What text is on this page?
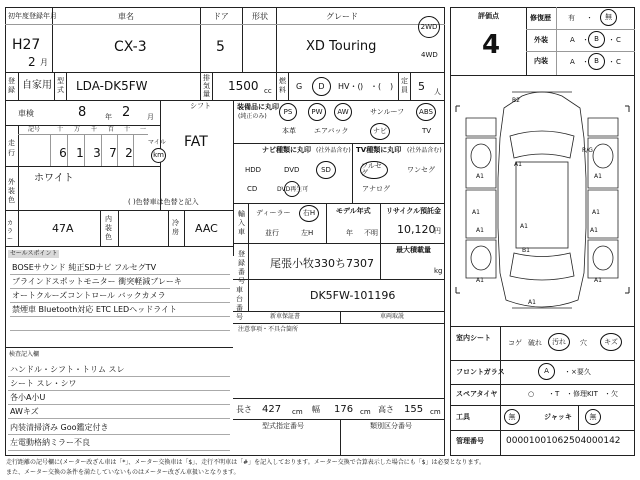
初年度登録年月
H27
2 月
車名
CX-3
ドア
5
形状	グレード
XD Touring
2WD
4WD
登録 自家用 型式 LDA-DK5FW
排気量
1500 cc
燃料 G D HV・( ) ・( )
定員 5 人
車検	8	年 2 月
シフト
FAT
走行
記号	十 万 千 百 十 一
6 1 3 7 2
マイル
km
外装色
ホワイト
( )色替車は色替と記入
カラー
47A
内装色
冷房 AAC
装備品に丸印
(純正のみ)
PS	PW AW	サンルーフ ABS
本革	エアバック	ナビ	TV
ナビ種類に丸印 (社外品含む)
HDD	DVD	SD
CD	DVD再生可
TV種類に丸印 (社外品含む)
フルセグ	ワンセグ
アナログ
輸入車
ディーラー
並行
右H
左H
モデル年式
年 不明
リサイクル預託金
10,120
円
登録番号
尾張小牧330ち7307
最大積載量
kg
車台番号
DK5FW-101196
新車保証書	車両取説
注意事項・不具合箇所
長さ 427 cm 幅 176 cm 高さ 155 cm
型式指定番号	類別区分番号
セールスポイント
BOSEサウンド 純正SDナビ フルセグTV
ブラインドスポットモニター 衝突軽減ブレーキ
オートクルーズコントロール バックカメラ
禁煙車 Bluetooth対応 ETC LEDヘッドライト
検査記入欄
ハンドル・シフト・トリム スレ
シート スレ・シワ
各小A小U
AWキズ
内装清掃済み Goo鑑定付き
左電動格納ミラー不良
評価点
4
修復歴 有 ・ 無
外装	A ・ B ・ C
内装	A ・ B ・ C
B2
A1
A1
A1
A1
A1
A1
A1
A1
B1
A1	A1
A1
R/G
室内シート
コゲ 破れ 汚れ 穴 キズ
フロントガラス	A ・×要久
スペアタイヤ	○ ・T ・修理KIT ・欠
工具	無	ジャッキ	無
管理番号 0000100106250400014​2
走行距離の記号欄に(メーター改ざん車は「*」、メーター交換車は「$」、走行不明車は「#」を記入しております。メーター交換で合算表示した場合にも「$」は必要となります。
また、メーター交換の条件を満たしていないものはメーター改ざん車扱いとなります。
